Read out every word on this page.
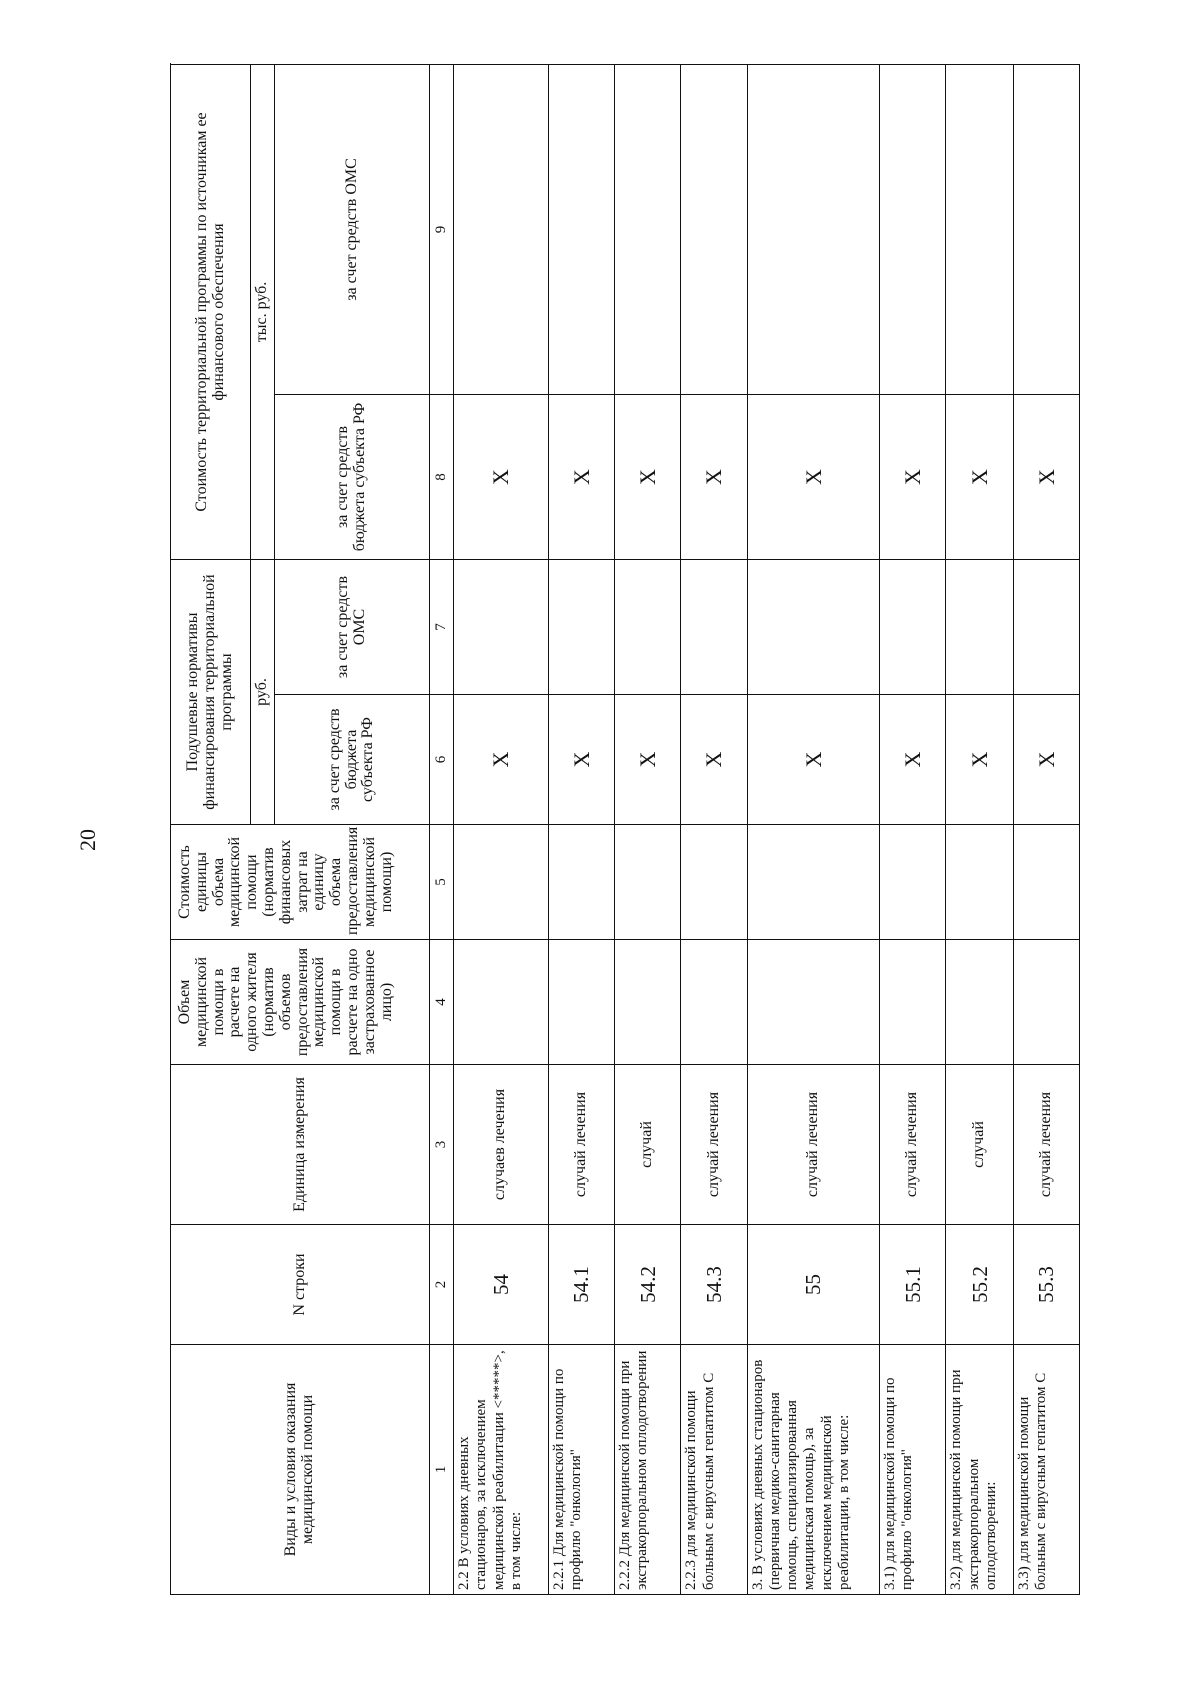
20
Виды и условия оказания медицинской помощи	N строки	Единица измерения	Объем медицинской помощи в расчете на одного жителя (норматив объемов предоставления медицинской помощи в расчете на одно застрахованное лицо)	Стоимость единицы объема медицинской помощи (норматив финансовых затрат на единицу объема предоставления медицинской помощи)	Подушевые нормативы финансирования территориальной программы		Стоимость территориальной программы по источникам ее финансового обеспечения		
					руб.		тыс. руб.	
					за счет средств бюджета субъекта РФ	за счет средств ОМС	за счет средств бюджета субъекта РФ	за счет средств ОМС	
1	2	3	4	5	6	7	8	9	
2.2 В условиях дневных стационаров, за исключением медицинской реабилитации <*****>, в том числе:	54	случаев лечения			X		X		
2.2.1 Для медицинской помощи по профилю "онкология"	54.1	случай лечения			X		X		
2.2.2 Для медицинской помощи при экстракорпоральном оплодотворении	54.2	случай			X		X		
2.2.3 для медицинской помощи больным с вирусным гепатитом С	54.3	случай лечения			X		X		
3. В условиях дневных стационаров (первичная медико-санитарная помощь, специализированная медицинская помощь), за исключением медицинской реабилитации, в том числе:	55	случай лечения			X		X		
3.1) для медицинской помощи по профилю "онкология"	55.1	случай лечения			X		X		
3.2) для медицинской помощи при экстракорпоральном оплодотворении:	55.2	случай			X		X		
3.3) для медицинской помощи больным с вирусным гепатитом С	55.3	случай лечения			X		X		
